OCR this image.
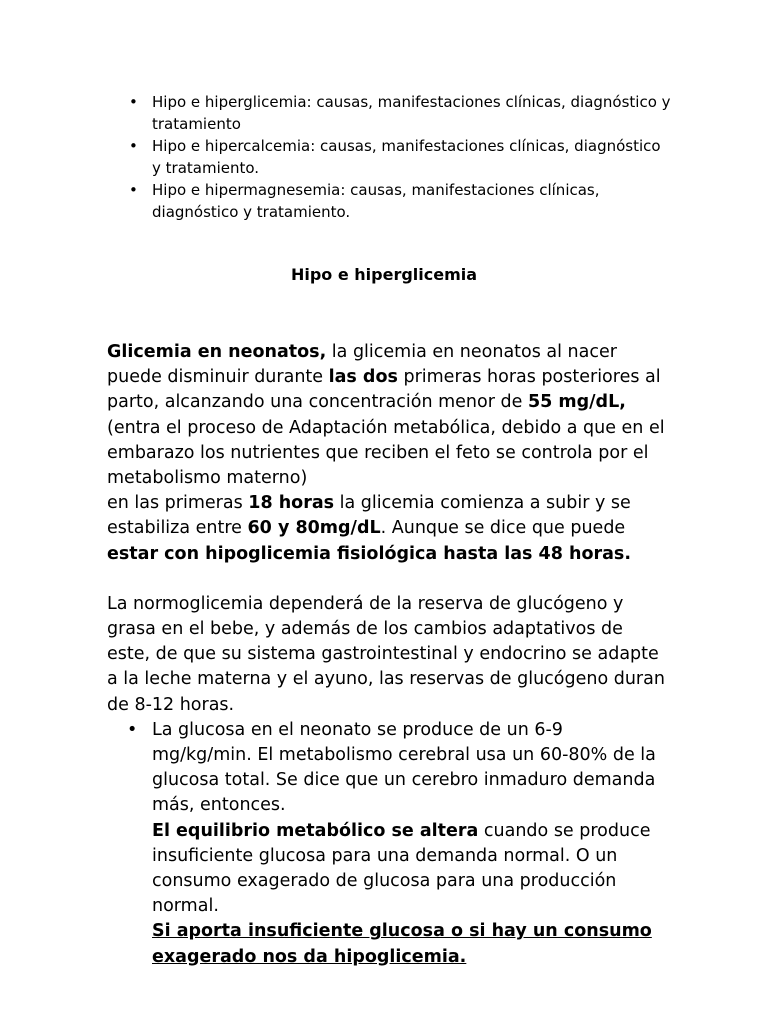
• Hipo e hiperglicemia: causas, manifestaciones clínicas, diagnóstico y tratamiento
• Hipo e hipercalcemia: causas, manifestaciones clínicas, diagnóstico y tratamiento.
• Hipo e hipermagnesemia: causas, manifestaciones clínicas, diagnóstico y tratamiento.
Hipo e hiperglicemia

Glicemia en neonatos, la glicemia en neonatos al nacer puede disminuir durante las dos primeras horas posteriores al parto, alcanzando una concentración menor de 55 mg/dL, (entra el proceso de Adaptación metabólica, debido a que en el embarazo los nutrientes que reciben el feto se controla por el metabolismo materno)

en las primeras 18 horas la glicemia comienza a subir y se estabiliza entre 60 y 80mg/dL. Aunque se dice que puede estar con hipoglicemia fisiológica hasta las 48 horas.

La normoglicemia dependerá de la reserva de glucógeno y grasa en el bebe, y además de los cambios adaptativos de este, de que su sistema gastrointestinal y endocrino se adapte a la leche materna y el ayuno, las reservas de glucógeno duran de 8-12 horas.

• La glucosa en el neonato se produce de un 6-9 mg/kg/min. El metabolismo cerebral usa un 60-80% de la glucosa total. Se dice que un cerebro inmaduro demanda más, entonces.

El equilibrio metabólico se altera cuando se produce insuficiente glucosa para una demanda normal. O un consumo exagerado de glucosa para una producción normal.

Si aporta insuficiente glucosa o si hay un consumo exagerado nos da hipoglicemia.
